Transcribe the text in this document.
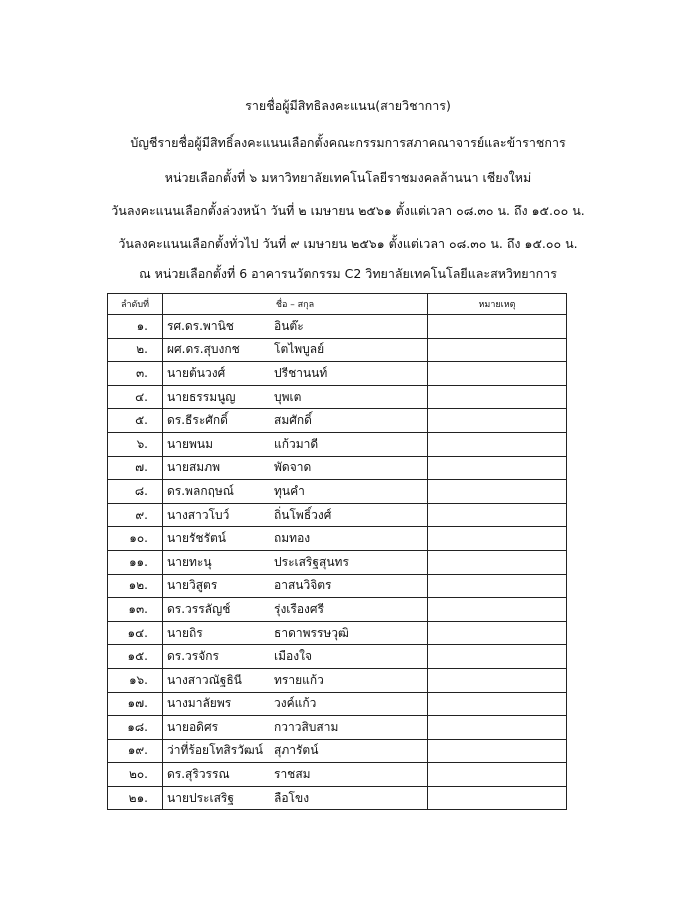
รายชื่อผู้มีสิทธิลงคะแนน(สายวิชาการ)
บัญชีรายชื่อผู้มีสิทธิ์ลงคะแนนเลือกตั้งคณะกรรมการสภาคณาจารย์และข้าราชการ
หน่วยเลือกตั้งที่ ๖ มหาวิทยาลัยเทคโนโลยีราชมงคลล้านนา เชียงใหม่
วันลงคะแนนเลือกตั้งล่วงหน้า วันที่ ๒ เมษายน ๒๕๖๑ ตั้งแต่เวลา ๐๘.๓๐ น. ถึง ๑๕.๐๐ น.
วันลงคะแนนเลือกตั้งทั่วไป วันที่ ๙ เมษายน ๒๕๖๑ ตั้งแต่เวลา ๐๘.๓๐ น. ถึง ๑๕.๐๐ น.
ณ หน่วยเลือกตั้งที่ 6 อาคารนวัตกรรม C2 วิทยาลัยเทคโนโลยีและสหวิทยาการ
ลำดับที่	ชื่อ – สกุล	หมายเหตุ
๑.	รศ.ดร.พานิช อินต๊ะ	
๒.	ผศ.ดร.สุบงกช โตไพบูลย์	
๓.	นายต้นวงศ์ ปรีชานนท์	
๔.	นายธรรมนูญ บุพเต	
๕.	ดร.ธีระศักดิ์ สมศักดิ์	
๖.	นายพนม แก้วมาดี	
๗.	นายสมภพ พัดจาด	
๘.	ดร.พลกฤษณ์ ทุนคำ	
๙.	นางสาวโบว์ ถิ่นโพธิ์วงศ์	
๑๐.	นายรัชรัตน์ ถมทอง	
๑๑.	นายทะนุ ประเสริฐสุนทร	
๑๒.	นายวิสูตร อาสนวิจิตร	
๑๓.	ดร.วรรลัญช์ รุ่งเรืองศรี	
๑๔.	นายถิร ธาดาพรรษวุฒิ	
๑๕.	ดร.วรจักร เมืองใจ	
๑๖.	นางสาวณัฐธินี ทรายแก้ว	
๑๗.	นางมาลัยพร วงค์แก้ว	
๑๘.	นายอดิศร กวาวสิบสาม	
๑๙.	ว่าที่ร้อยโทสิรวัฒน์ สุภารัตน์	
๒๐.	ดร.สุริวรรณ ราชสม	
๒๑.	นายประเสริฐ ลือโขง	
